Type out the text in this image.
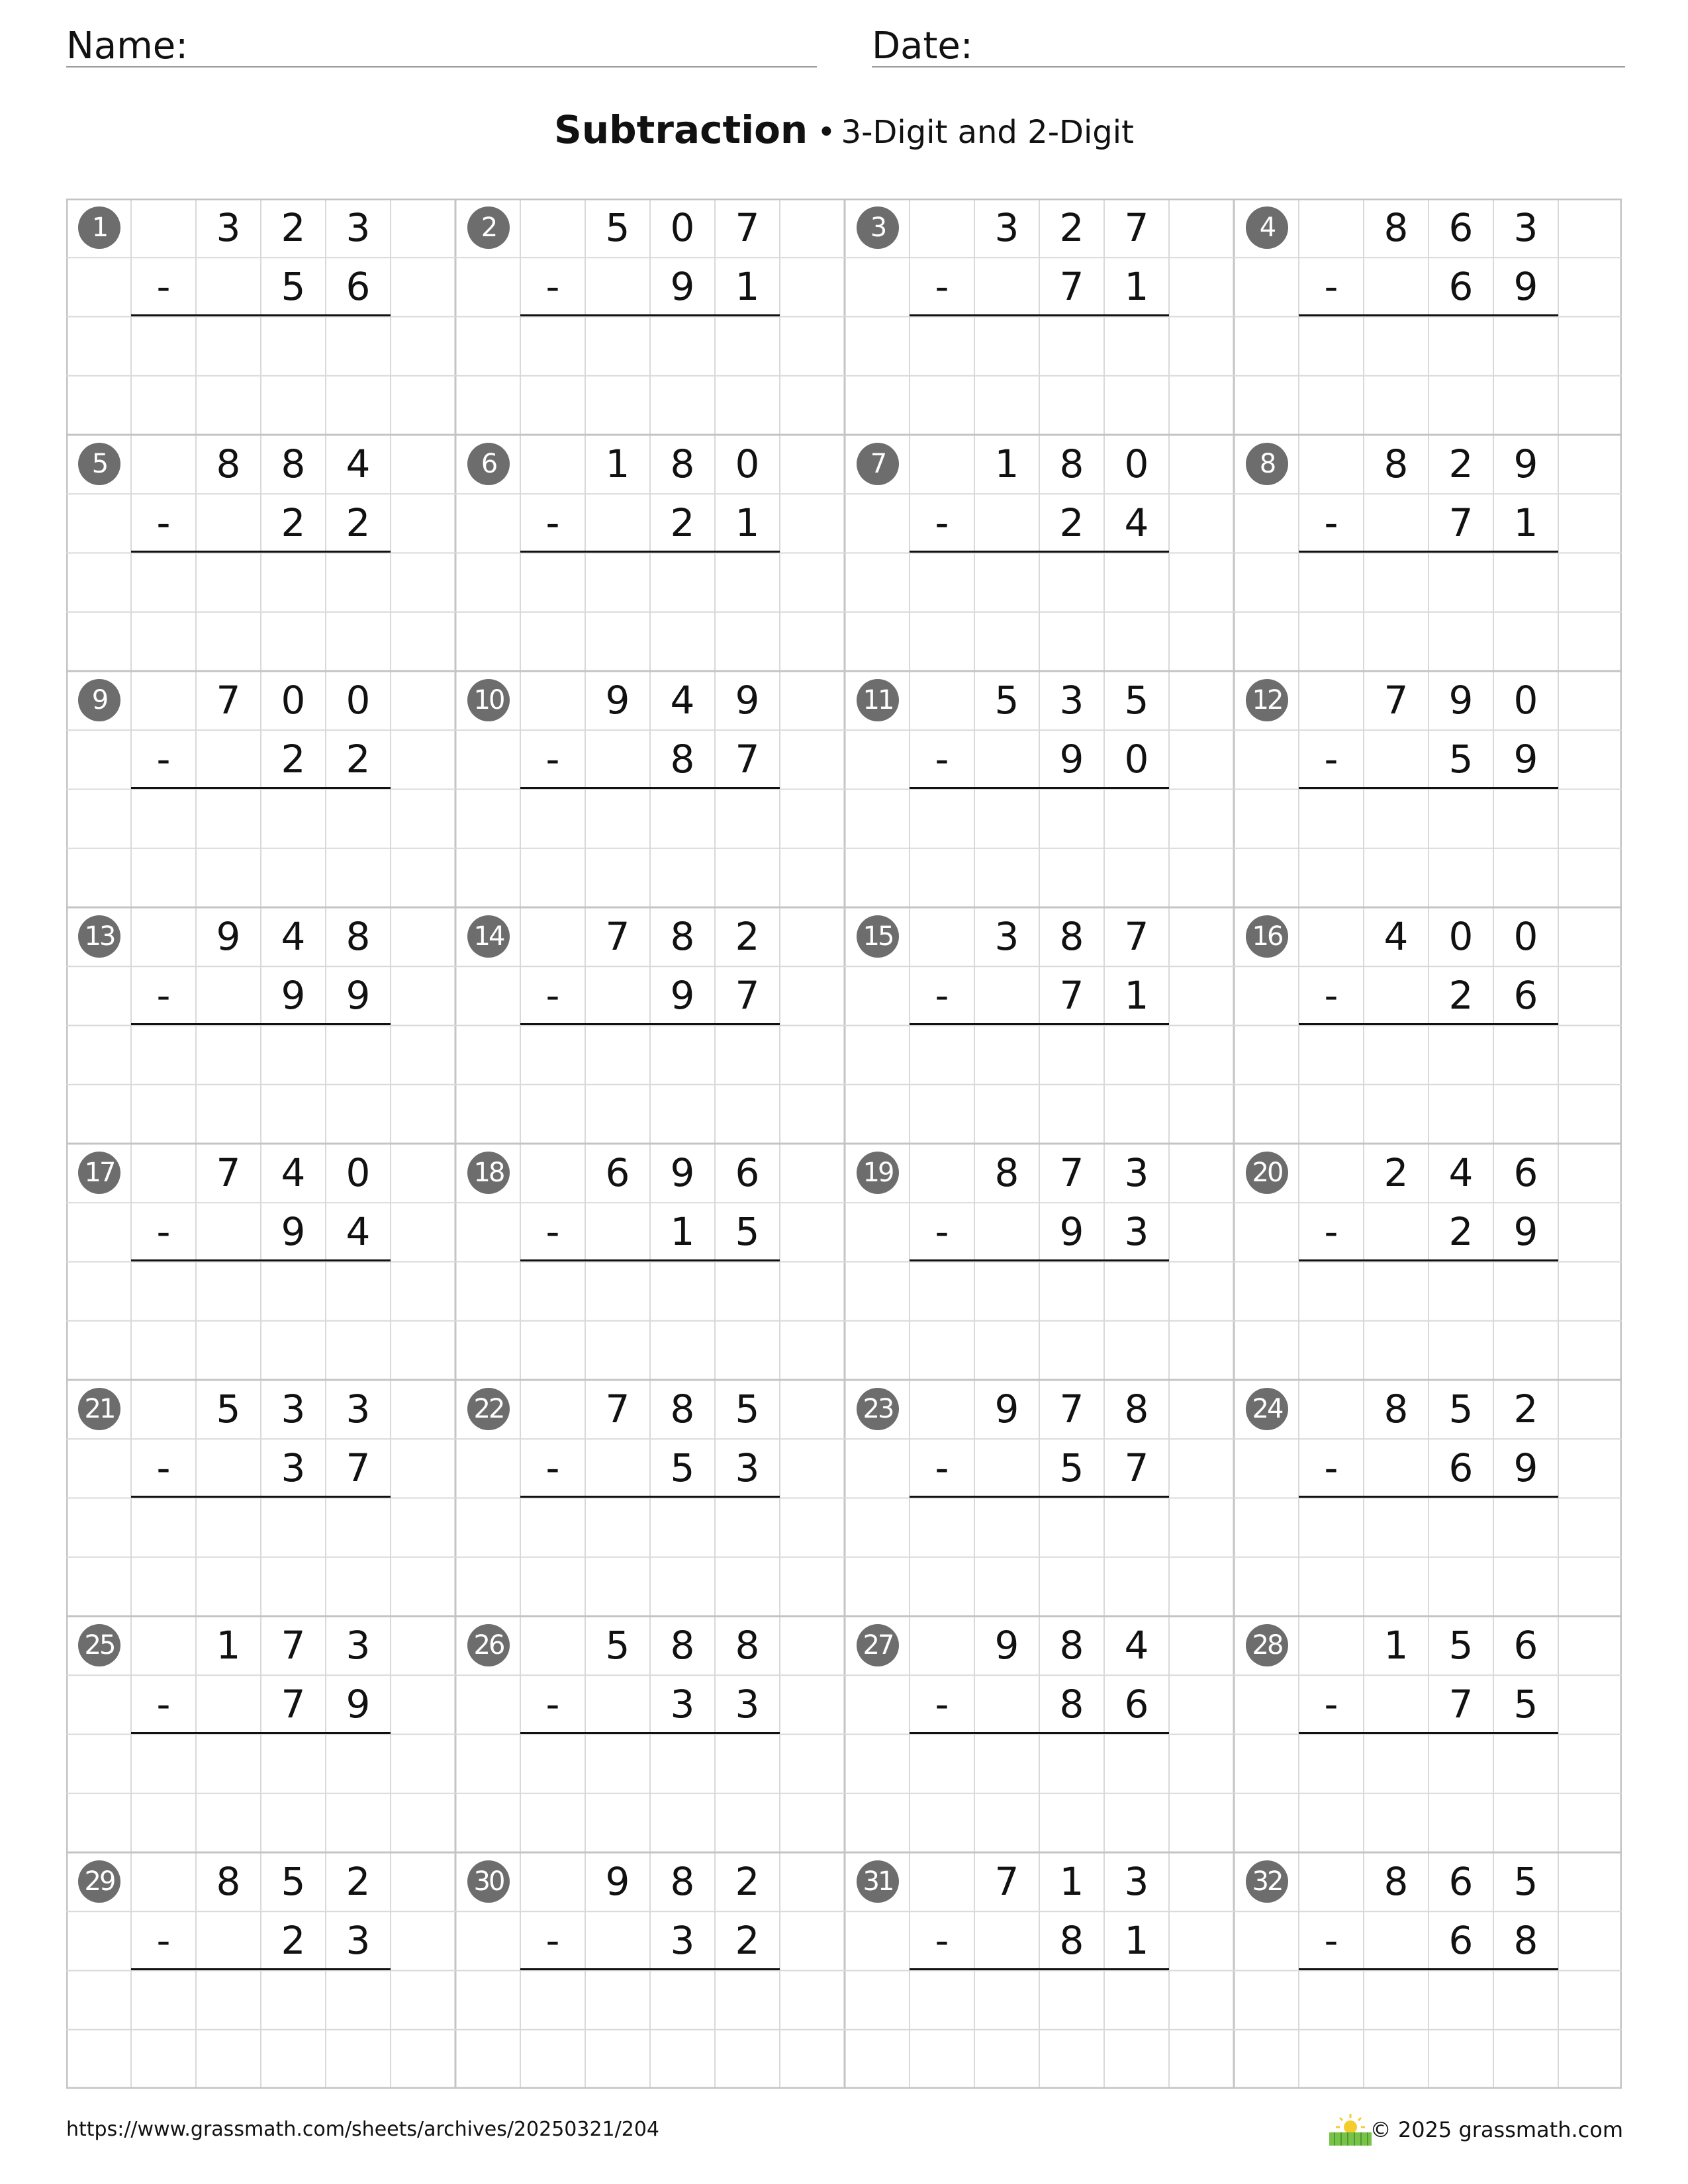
Name:	Date:
Subtraction • 3-Digit and 2-Digit
1	3	2	3
-	5	6
2	5	0	7
-	9	1
3	3	2	7
-	7	1
4	8	6	3
-	6	9
5	8	8	4
-	2	2
6	1	8	0
-	2	1
7	1	8	0
-	2	4
8	8	2	9
-	7	1
9	7	0	0
-	2	2
10	9	4	9
-	8	7
11	5	3	5
-	9	0
12	7	9	0
-	5	9
13	9	4	8
-	9	9
14	7	8	2
-	9	7
15	3	8	7
-	7	1
16	4	0	0
-	2	6
17	7	4	0
-	9	4
18	6	9	6
-	1	5
19	8	7	3
-	9	3
20	2	4	6
-	2	9
21	5	3	3
-	3	7
22	7	8	5
-	5	3
23	9	7	8
-	5	7
24	8	5	2
-	6	9
25	1	7	3
-	7	9
26	5	8	8
-	3	3
27	9	8	4
-	8	6
28	1	5	6
-	7	5
29	8	5	2
-	2	3
30	9	8	2
-	3	2
31	7	1	3
-	8	1
32	8	6	5
-	6	8
https://www.grassmath.com/sheets/archives/20250321/204	© 2025 grassmath.com
